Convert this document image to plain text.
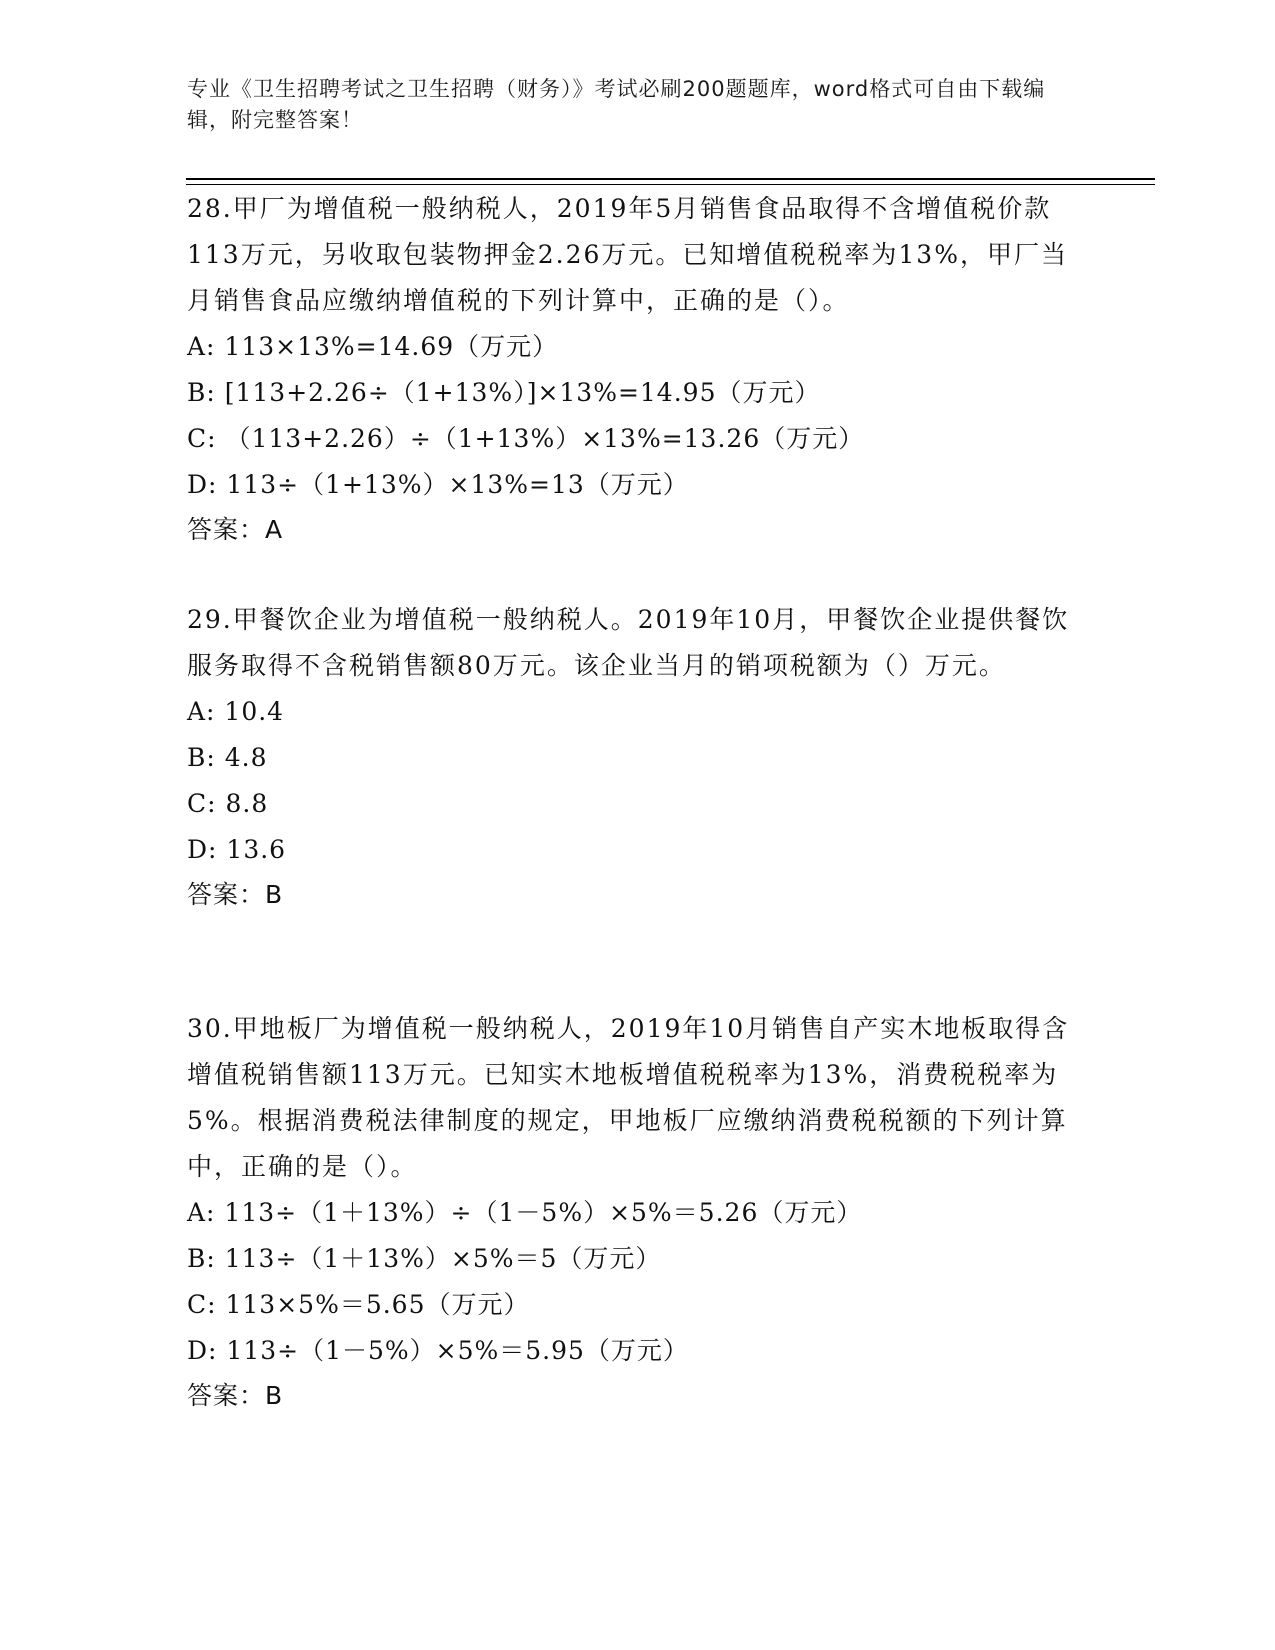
专业《卫生招聘考试之卫生招聘（财务）》考试必刷200题题库，word格式可自由下载编辑，附完整答案！

28.甲厂为增值税一般纳税人，2019年5月销售食品取得不含增值税价款113万元，另收取包装物押金2.26万元。已知增值税税率为13%，甲厂当月销售食品应缴纳增值税的下列计算中，正确的是（）。

A: 113×13%=14.69（万元）

B: [113+2.26÷（1+13%）]×13%=14.95（万元）

C: （113+2.26）÷（1+13%）×13%=13.26（万元）

D: 113÷（1+13%）×13%=13（万元）

答案：A

29.甲餐饮企业为增值税一般纳税人。2019年10月，甲餐饮企业提供餐饮服务取得不含税销售额80万元。该企业当月的销项税额为（）万元。

A: 10.4

B: 4.8

C: 8.8

D: 13.6

答案：B

30.甲地板厂为增值税一般纳税人，2019年10月销售自产实木地板取得含增值税销售额113万元。已知实木地板增值税税率为13%，消费税税率为5%。根据消费税法律制度的规定，甲地板厂应缴纳消费税税额的下列计算中，正确的是（）。

A: 113÷（1＋13%）÷（1－5%）×5%＝5.26（万元）

B: 113÷（1＋13%）×5%＝5（万元）

C: 113×5%＝5.65（万元）

D: 113÷（1－5%）×5%＝5.95（万元）

答案：B
